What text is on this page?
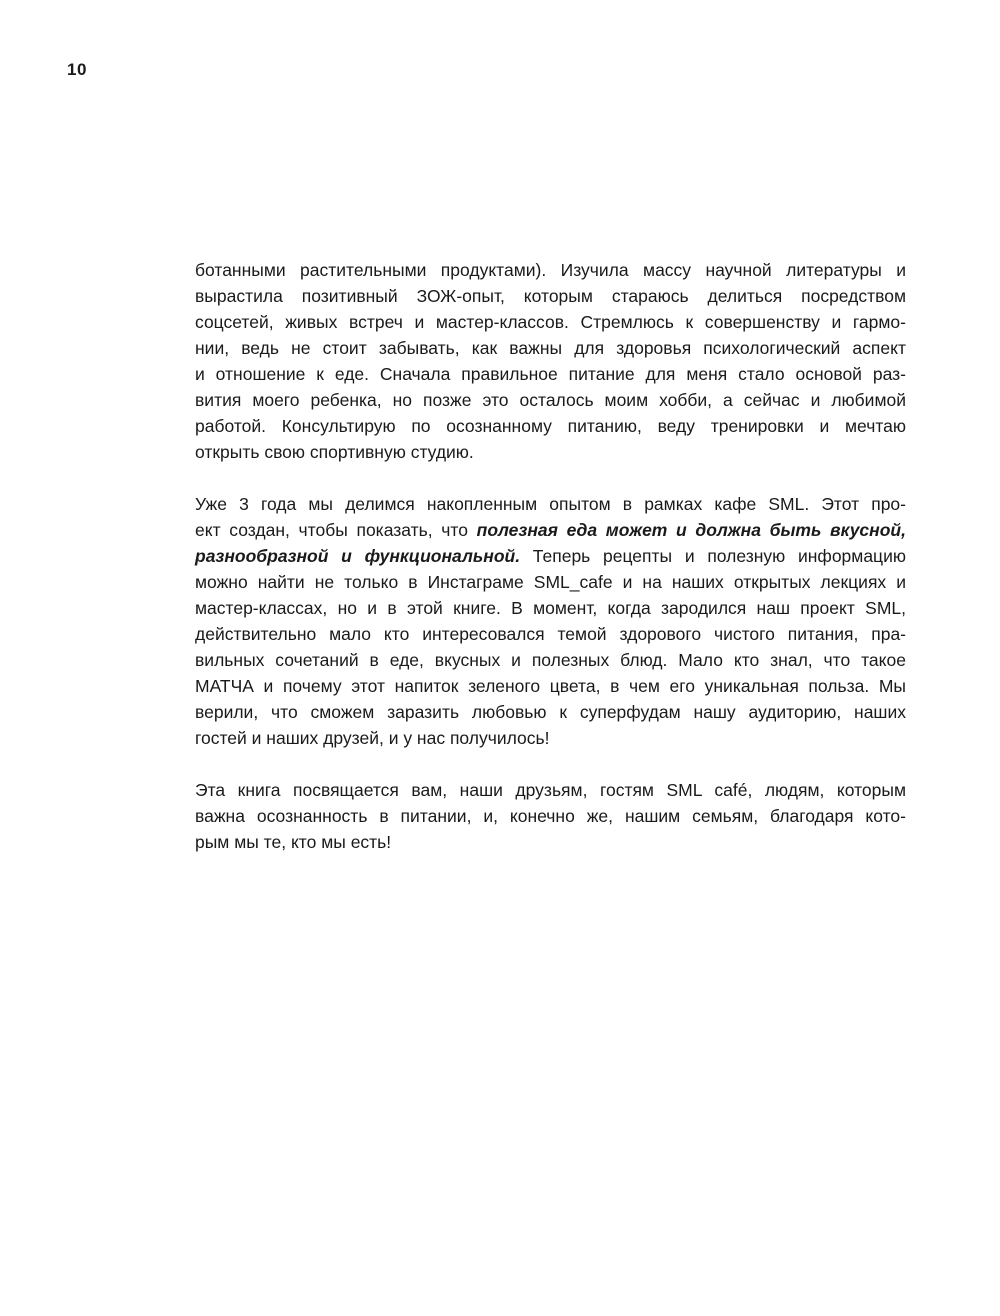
10
ботанными растительными продуктами). Изучила массу научной литературы и
вырастила позитивный ЗОЖ-опыт, которым стараюсь делиться посредством
соцсетей, живых встреч и мастер-классов. Стремлюсь к совершенству и гармо-
нии, ведь не стоит забывать, как важны для здоровья психологический аспект
и отношение к еде. Сначала правильное питание для меня стало основой раз-
вития моего ребенка, но позже это осталось моим хобби, а сейчас и любимой
работой. Консультирую по осознанному питанию, веду тренировки и мечтаю
открыть свою спортивную студию.
Уже 3 года мы делимся накопленным опытом в рамках кафе SML. Этот про-
ект создан, чтобы показать, что полезная еда может и должна быть вкусной,
разнообразной и функциональной. Теперь рецепты и полезную информацию
можно найти не только в Инстаграме SML_cafe и на наших открытых лекциях и
мастер-классах, но и в этой книге. В момент, когда зародился наш проект SML,
действительно мало кто интересовался темой здорового чистого питания, пра-
вильных сочетаний в еде, вкусных и полезных блюд. Мало кто знал, что такое
МАТЧА и почему этот напиток зеленого цвета, в чем его уникальная польза. Мы
верили, что сможем заразить любовью к суперфудам нашу аудиторию, наших
гостей и наших друзей, и у нас получилось!
Эта книга посвящается вам, наши друзьям, гостям SML café, людям, которым
важна осознанность в питании, и, конечно же, нашим семьям, благодаря кото-
рым мы те, кто мы есть!
